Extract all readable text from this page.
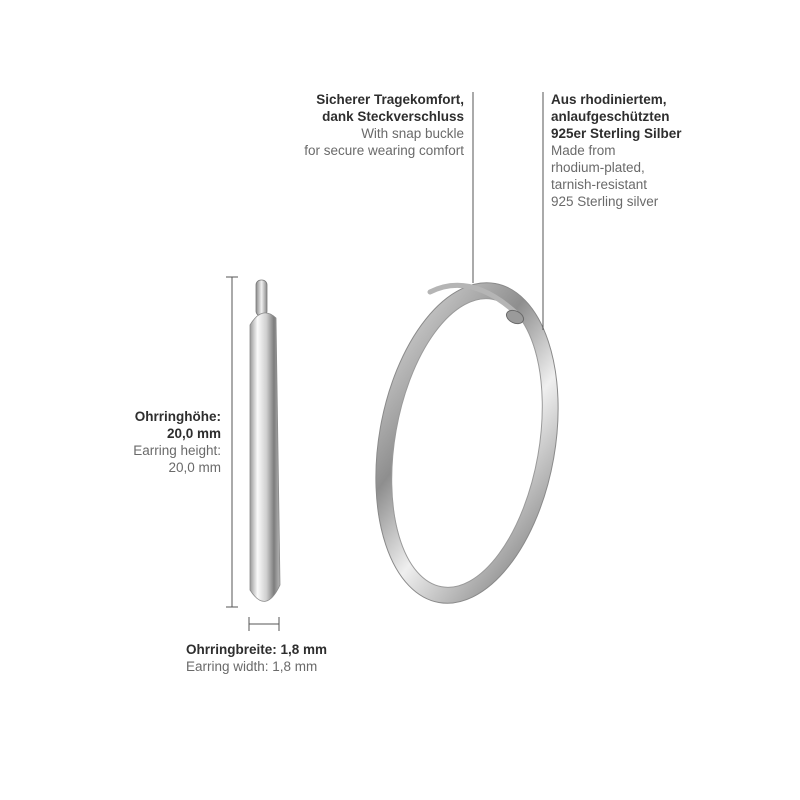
Sicherer Tragekomfort,
dank Steckverschluss
With snap buckle
for secure wearing comfort
Aus rhodiniertem,
anlaufgeschützten
925er Sterling Silber
Made from
rhodium-plated,
tarnish-resistant
925 Sterling silver
Ohrringhöhe:
20,0 mm
Earring height:
20,0 mm
Ohrringbreite: 1,8 mm
Earring width: 1,8 mm
